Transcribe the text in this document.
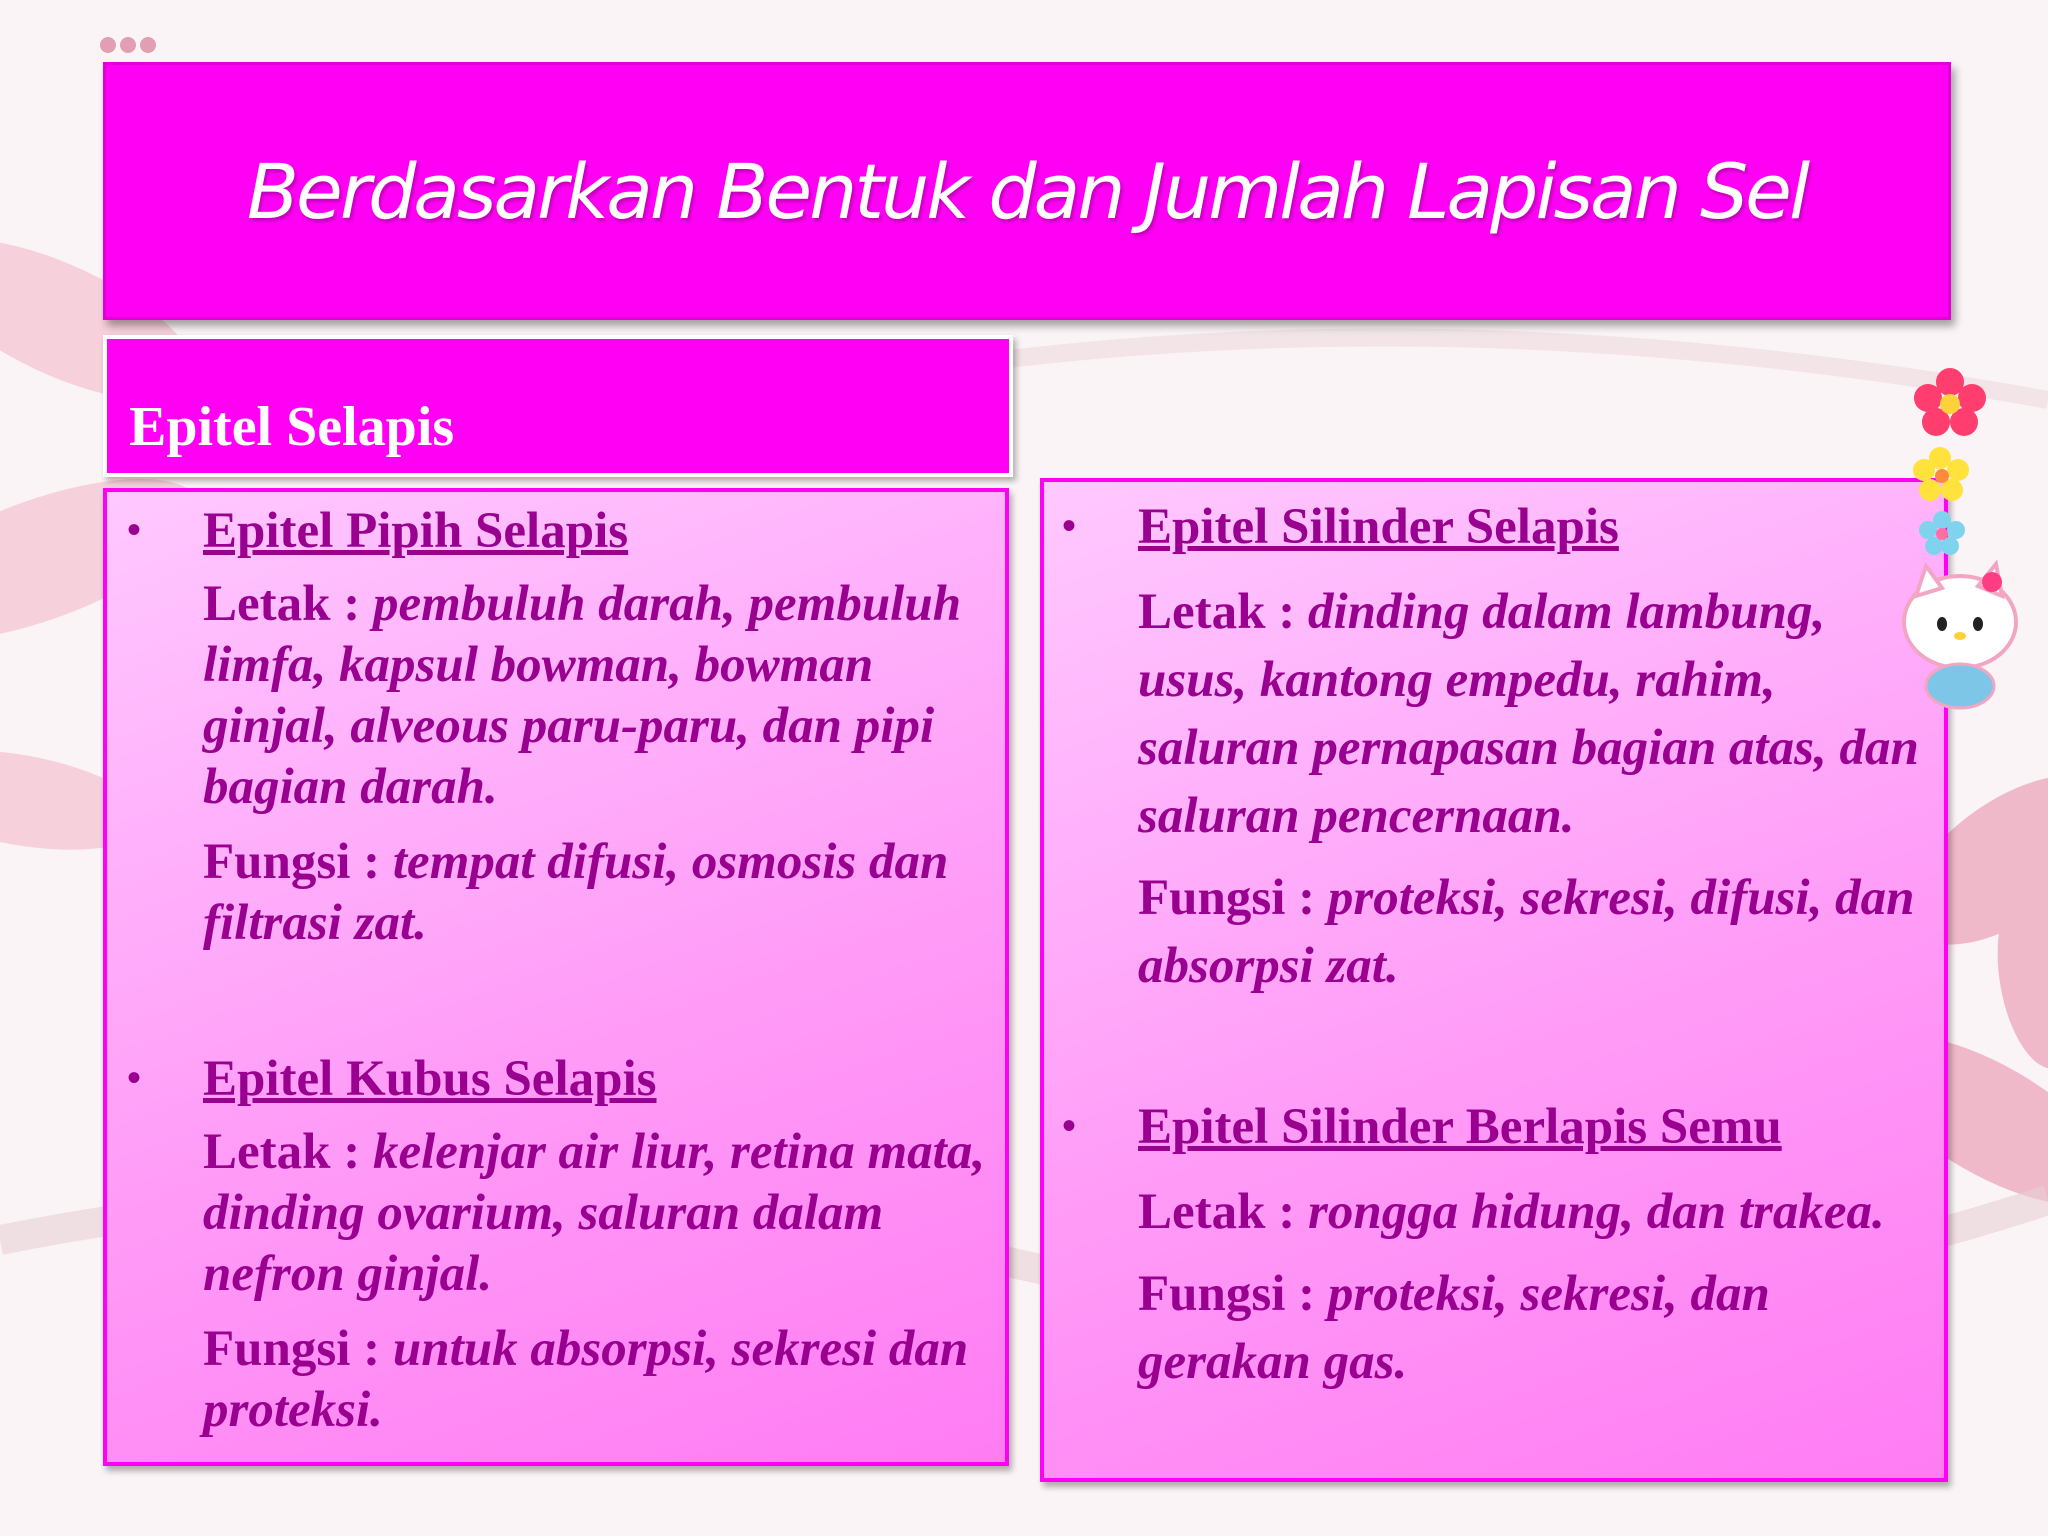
Berdasarkan Bentuk dan Jumlah Lapisan Sel
Epitel Selapis
• Epitel Pipih Selapis

Letak : pembuluh darah, pembuluh limfa, kapsul bowman, bowman ginjal, alveous paru-paru, dan pipi bagian darah.

Fungsi : tempat difusi, osmosis dan filtrasi zat.

• Epitel Kubus Selapis

Letak : kelenjar air liur, retina mata, dinding ovarium, saluran dalam nefron ginjal.

Fungsi : untuk absorpsi, sekresi dan proteksi.

• Epitel Silinder Selapis

Letak : dinding dalam lambung, usus, kantong empedu, rahim, saluran pernapasan bagian atas, dan saluran pencernaan.

Fungsi : proteksi, sekresi, difusi, dan absorpsi zat.

• Epitel Silinder Berlapis Semu

Letak : rongga hidung, dan trakea.

Fungsi : proteksi, sekresi, dan gerakan gas.
